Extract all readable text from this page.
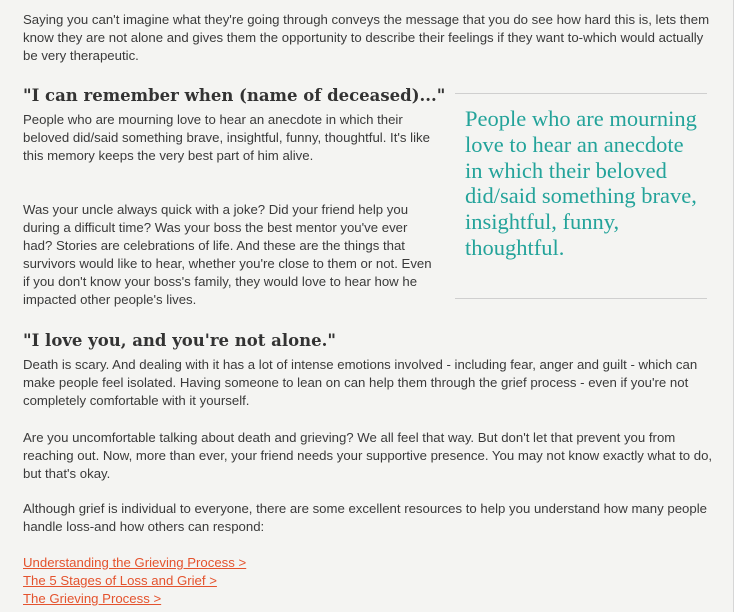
Saying you can't imagine what they're going through conveys the message that you do see how hard this is, lets them know they are not alone and gives them the opportunity to describe their feelings if they want to-which would actually be very therapeutic.

"I can remember when (name of deceased)..."

People who are mourning love to hear an anecdote in which their beloved did/said something brave, insightful, funny, thoughtful. It's like this memory keeps the very best part of him alive.

Was your uncle always quick with a joke? Did your friend help you during a difficult time? Was your boss the best mentor you've ever had? Stories are celebrations of life. And these are the things that survivors would like to hear, whether you're close to them or not. Even if you don't know your boss's family, they would love to hear how he impacted other people's lives.

People who are mourning love to hear an anecdote in which their beloved did/said something brave, insightful, funny, thoughtful.
"I love you, and you're not alone."

Death is scary. And dealing with it has a lot of intense emotions involved - including fear, anger and guilt - which can make people feel isolated. Having someone to lean on can help them through the grief process - even if you're not completely comfortable with it yourself.

Are you uncomfortable talking about death and grieving? We all feel that way. But don't let that prevent you from reaching out. Now, more than ever, your friend needs your supportive presence. You may not know exactly what to do, but that's okay.

Although grief is individual to everyone, there are some excellent resources to help you understand how many people handle loss-and how others can respond:

Understanding the Grieving Process >
The 5 Stages of Loss and Grief >
The Grieving Process >
